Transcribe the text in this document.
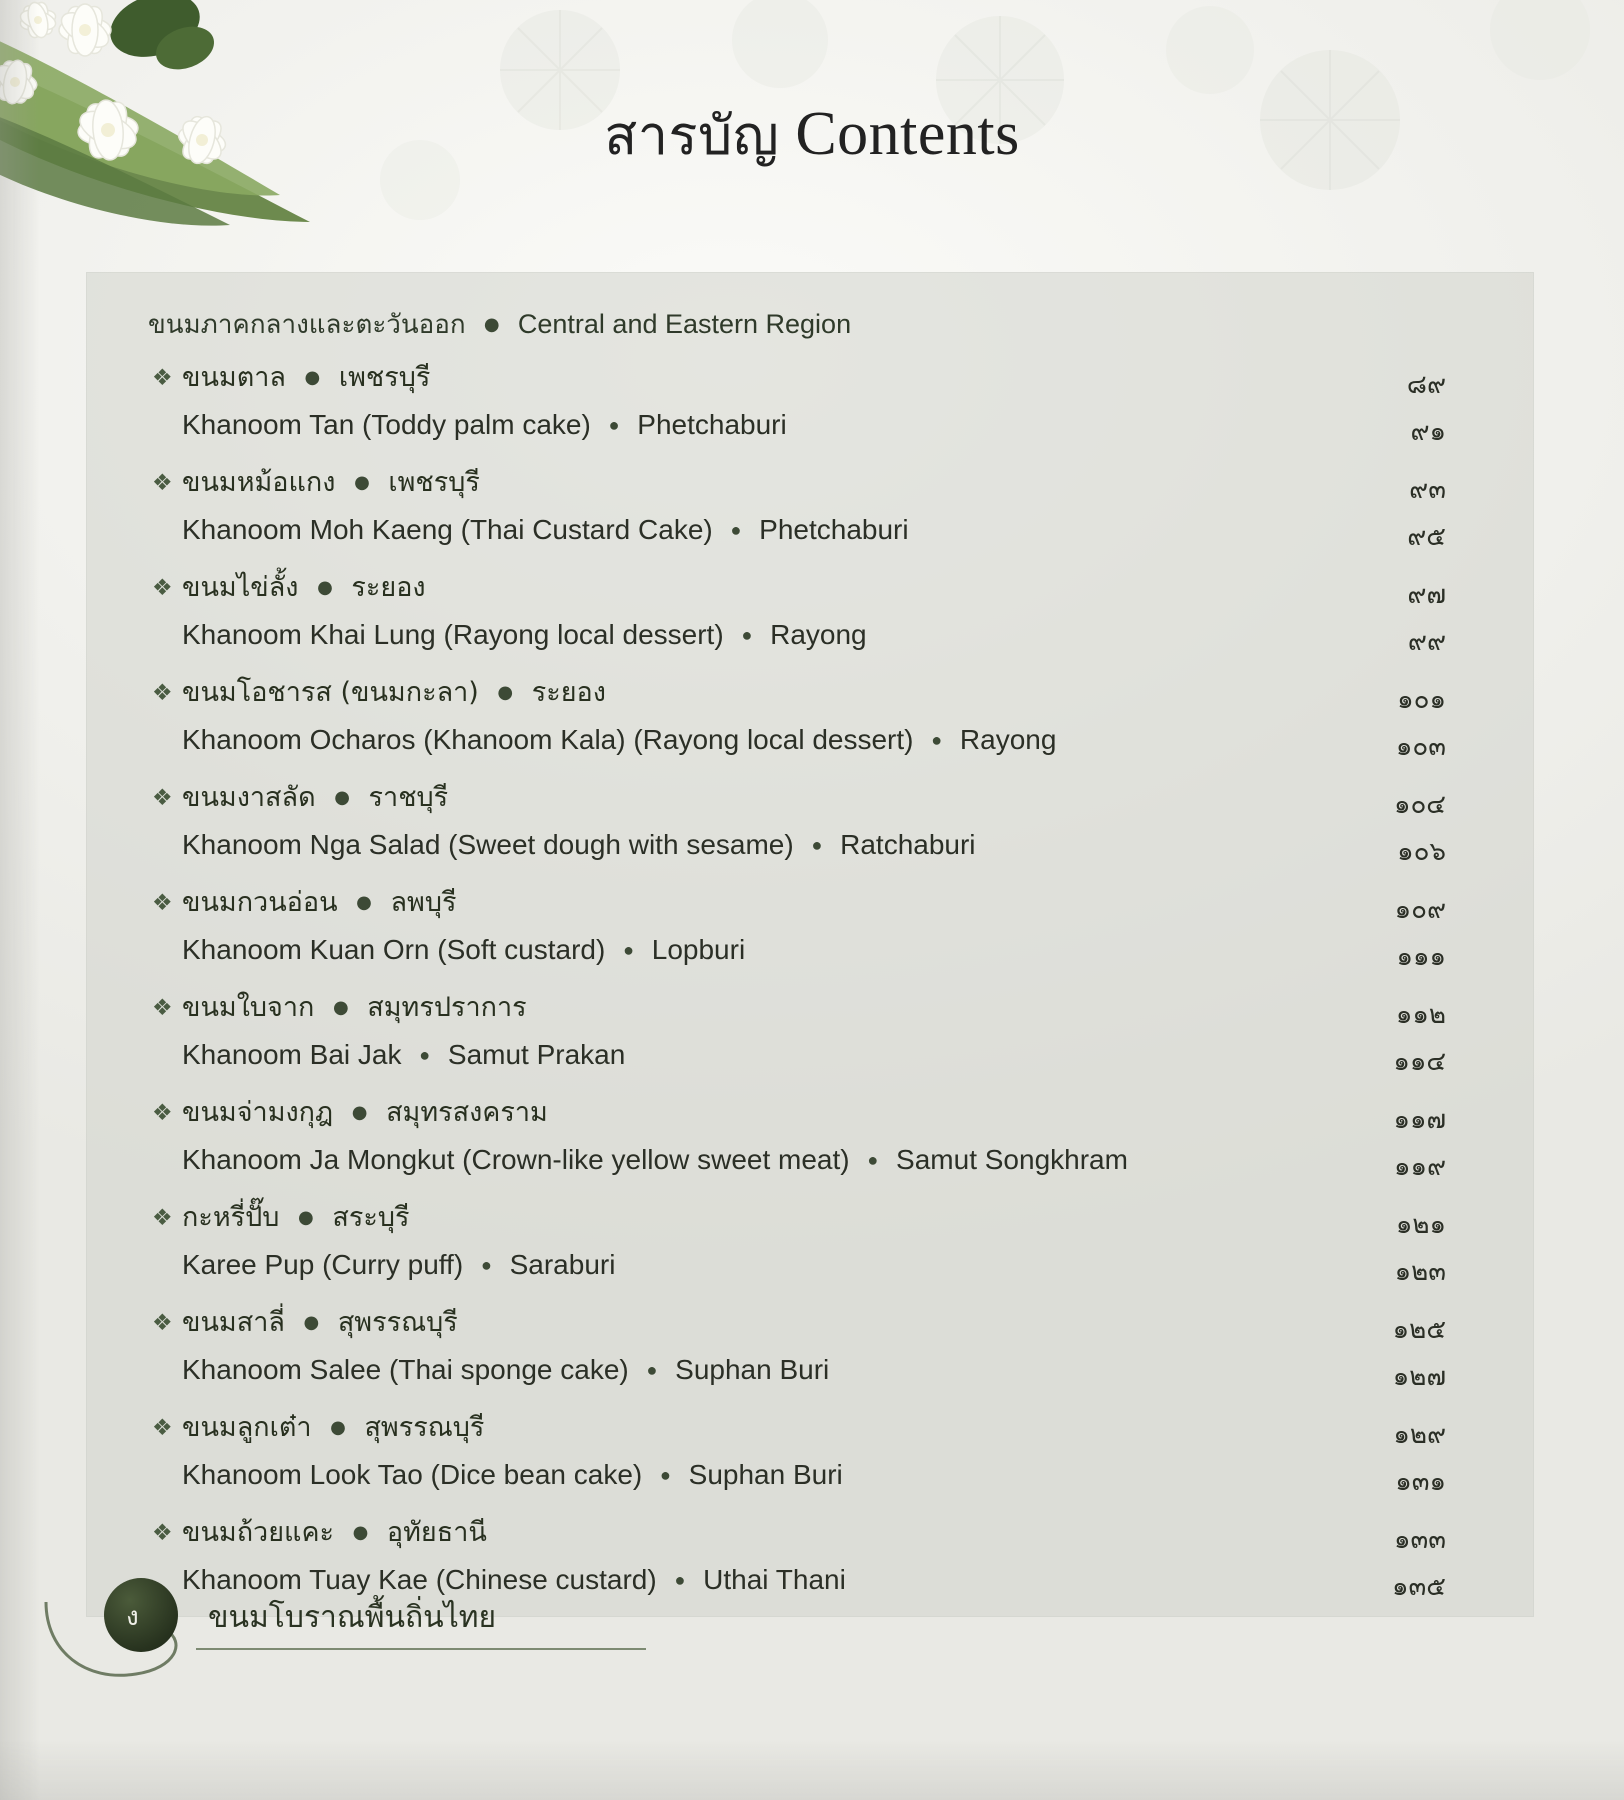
สารบัญ Contents
ขนมภาคกลางและตะวันออก ● Central and Eastern Region
❖ ขนมตาล ● เพชรบุรี
Khanoom Tan (Toddy palm cake) ● Phetchaburi
๘๙
๙๑
❖ ขนมหม้อแกง ● เพชรบุรี
Khanoom Moh Kaeng (Thai Custard Cake) ● Phetchaburi
๙๓
๙๕
❖ ขนมไข่ลั้ง ● ระยอง
Khanoom Khai Lung (Rayong local dessert) ● Rayong
๙๗
๙๙
❖ ขนมโอชารส (ขนมกะลา) ● ระยอง
Khanoom Ocharos (Khanoom Kala) (Rayong local dessert) ● Rayong
๑๐๑
๑๐๓
❖ ขนมงาสลัด ● ราชบุรี
Khanoom Nga Salad (Sweet dough with sesame) ● Ratchaburi
๑๐๔
๑๐๖
❖ ขนมกวนอ่อน ● ลพบุรี
Khanoom Kuan Orn (Soft custard) ● Lopburi
๑๐๙
๑๑๑
❖ ขนมใบจาก ● สมุทรปราการ
Khanoom Bai Jak ● Samut Prakan
๑๑๒
๑๑๔
❖ ขนมจ่ามงกุฎ ● สมุทรสงคราม
Khanoom Ja Mongkut (Crown-like yellow sweet meat) ● Samut Songkhram
๑๑๗
๑๑๙
❖ กะหรี่ปั๊บ ● สระบุรี
Karee Pup (Curry puff) ● Saraburi
๑๒๑
๑๒๓
❖ ขนมสาลี่ ● สุพรรณบุรี
Khanoom Salee (Thai sponge cake) ● Suphan Buri
๑๒๕
๑๒๗
❖ ขนมลูกเต๋า ● สุพรรณบุรี
Khanoom Look Tao (Dice bean cake) ● Suphan Buri
๑๒๙
๑๓๑
❖ ขนมถ้วยแคะ ● อุทัยธานี
Khanoom Tuay Kae (Chinese custard) ● Uthai Thani
๑๓๓
๑๓๕
ง ขนมโบราณพื้นถิ่นไทย
